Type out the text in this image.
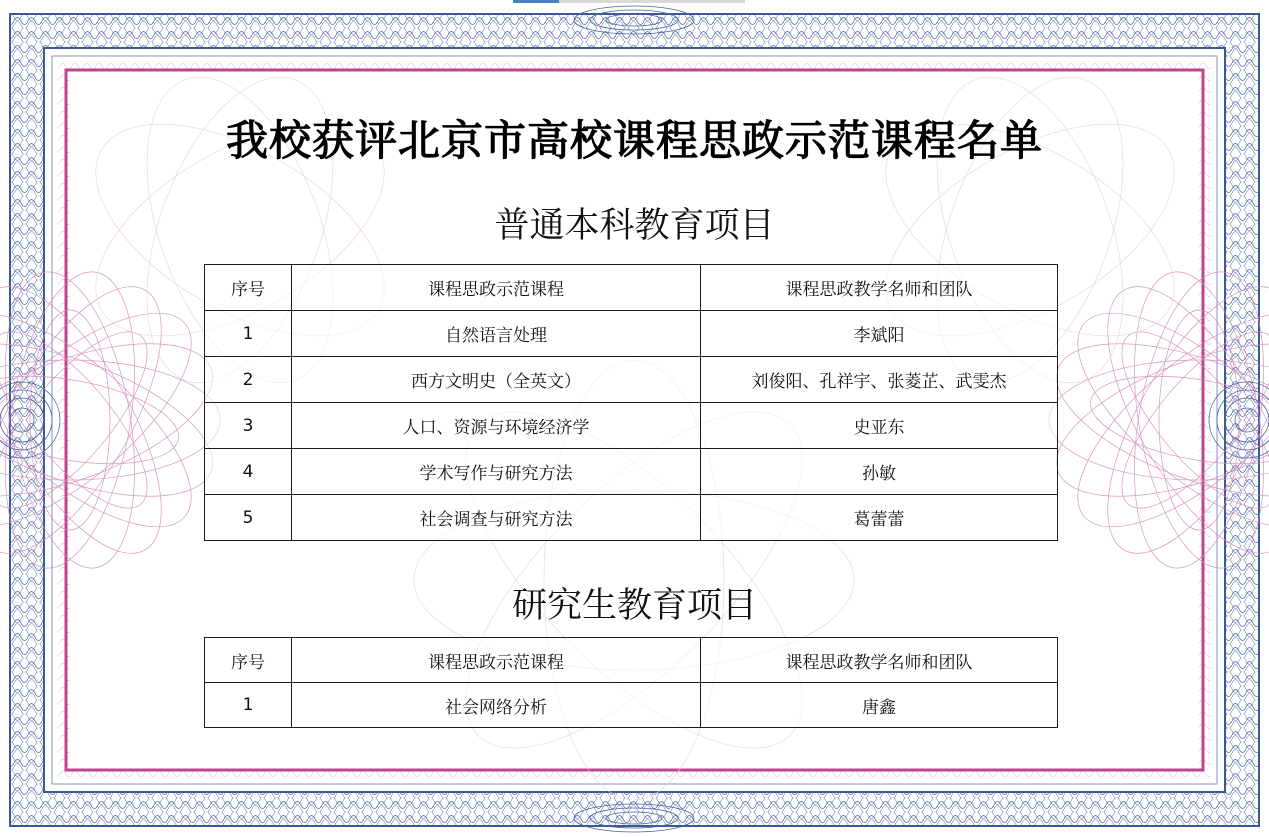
我校获评北京市高校课程思政示范课程名单
普通本科教育项目
序号	课程思政示范课程	课程思政教学名师和团队
1	自然语言处理	李斌阳
2	西方文明史（全英文）	刘俊阳、孔祥宇、张菱芷、武雯杰
3	人口、资源与环境经济学	史亚东
4	学术写作与研究方法	孙敏
5	社会调查与研究方法	葛蕾蕾
研究生教育项目
序号	课程思政示范课程	课程思政教学名师和团队
1	社会网络分析	唐鑫
